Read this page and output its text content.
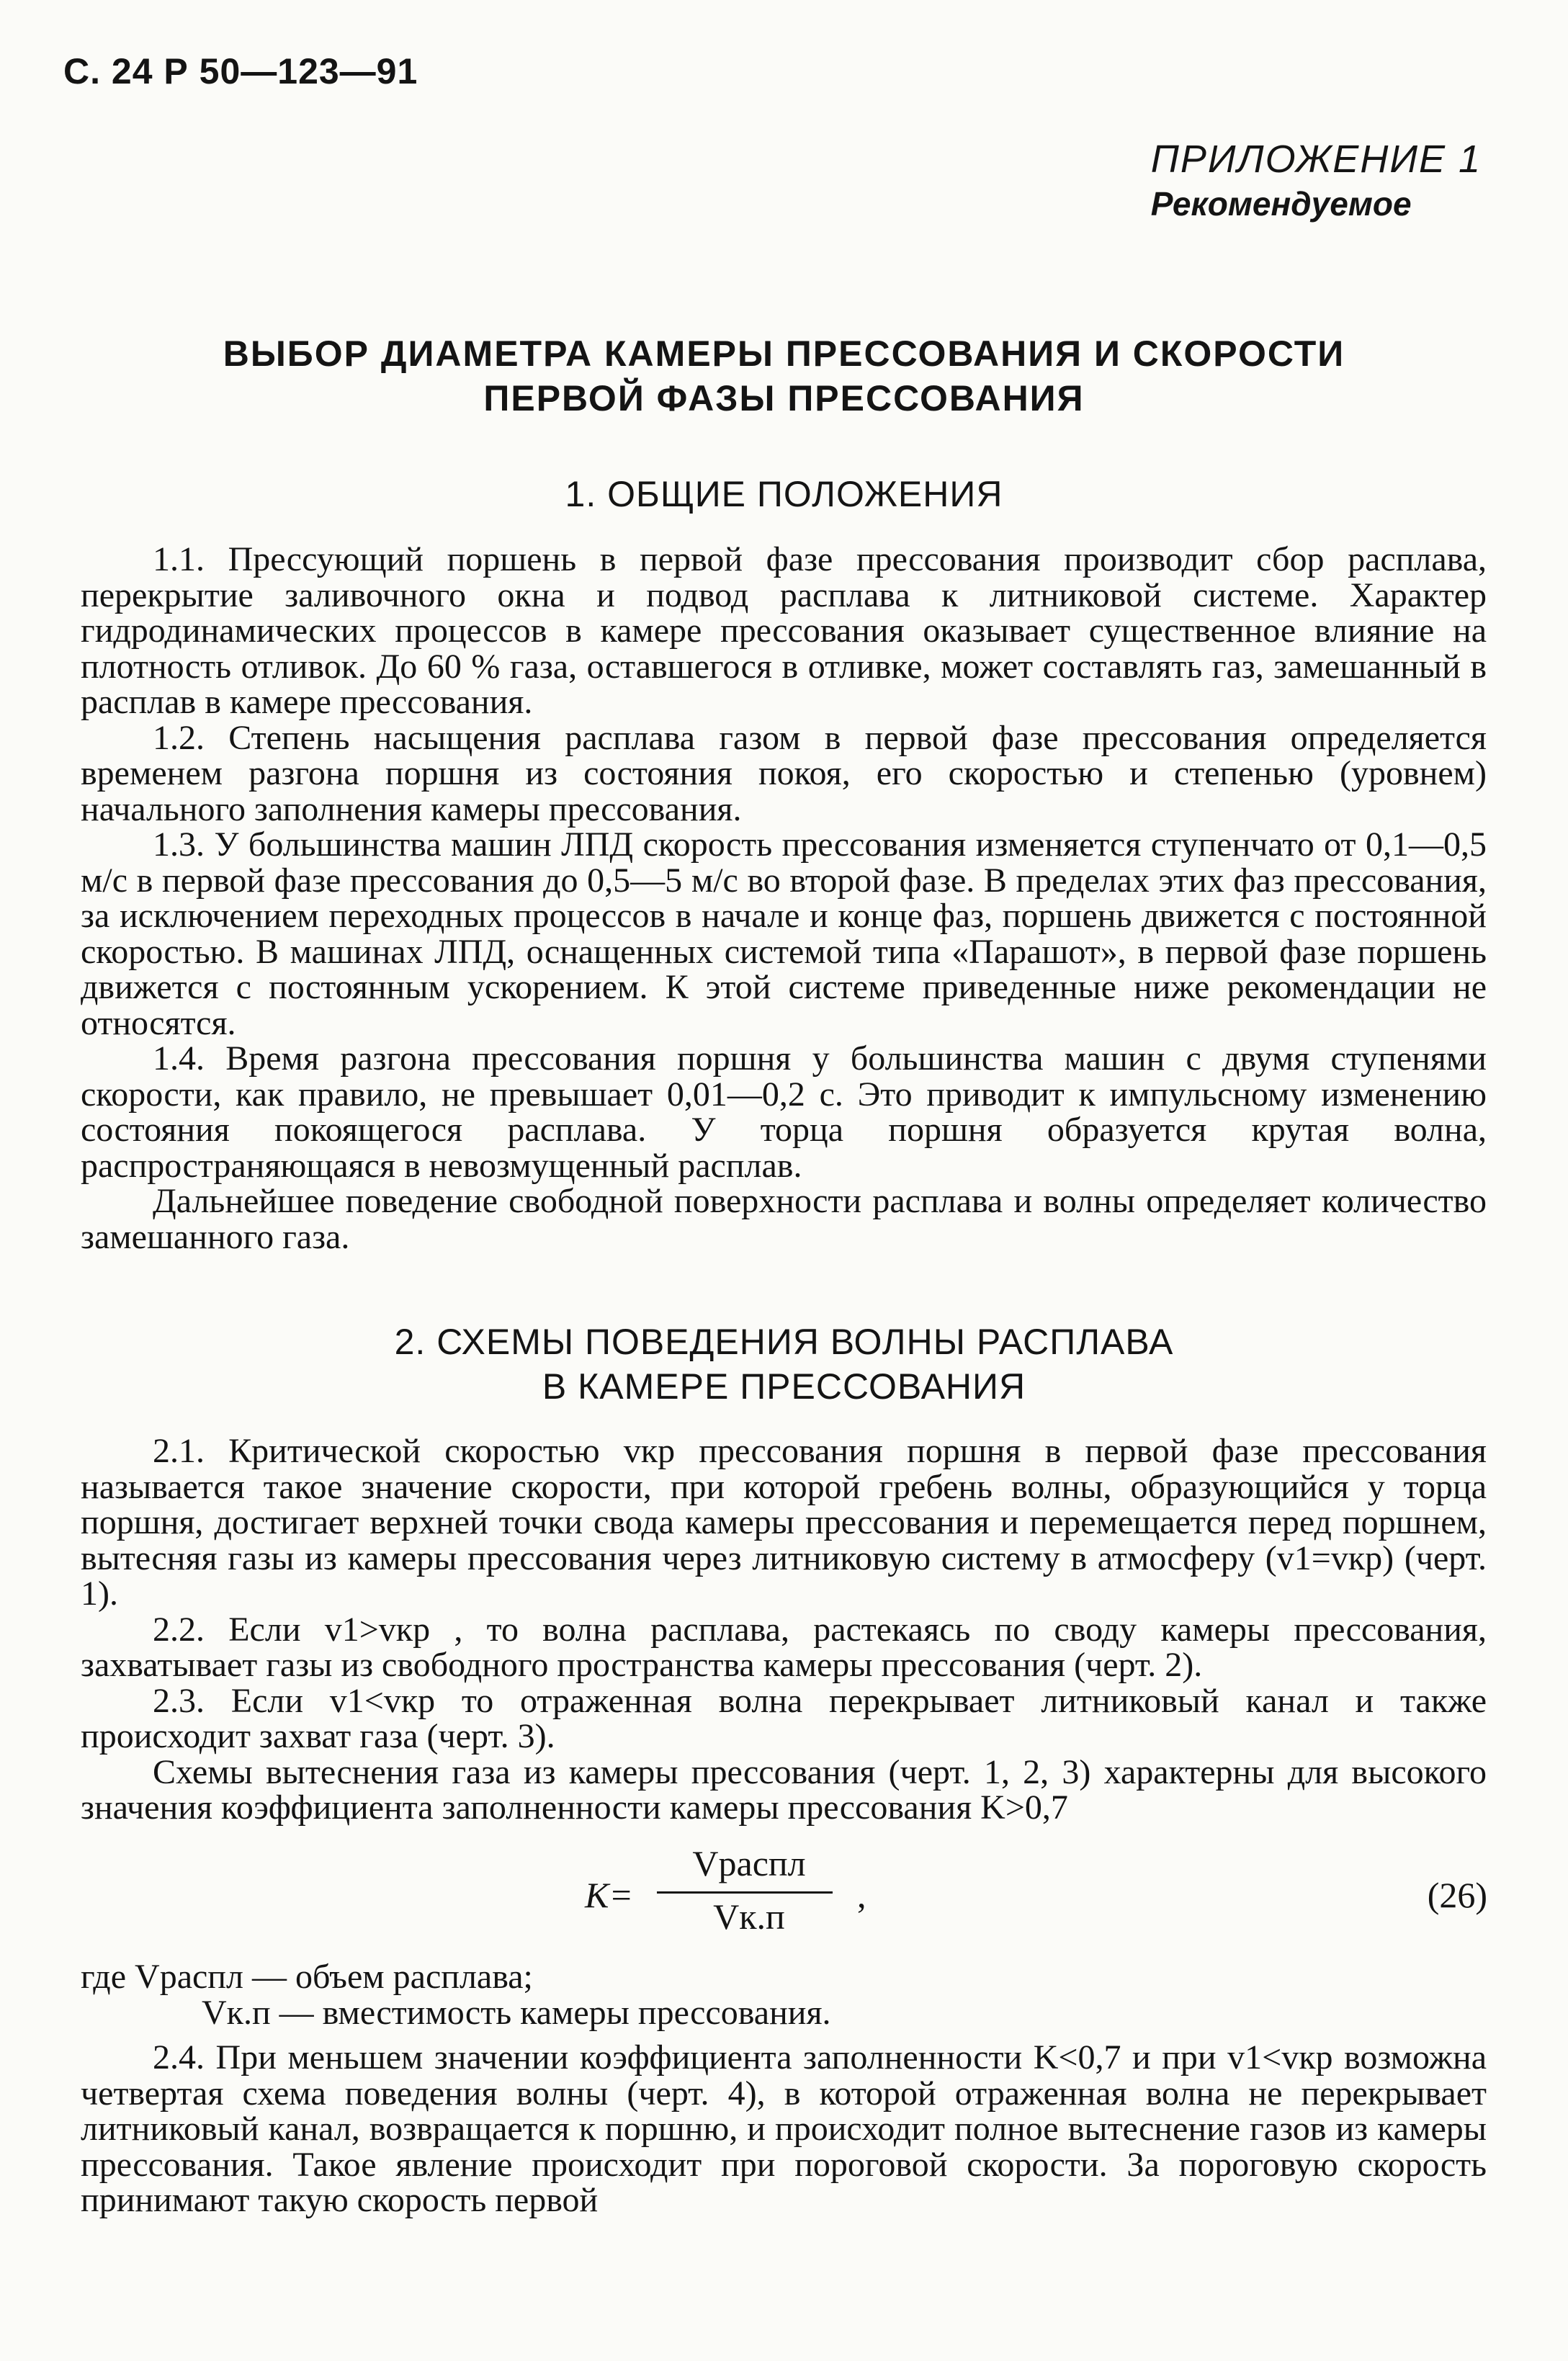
С. 24 Р 50—123—91
ПРИЛОЖЕНИЕ 1
Рекомендуемое
ВЫБОР ДИАМЕТРА КАМЕРЫ ПРЕССОВАНИЯ И СКОРОСТИ
ПЕРВОЙ ФАЗЫ ПРЕССОВАНИЯ
1. ОБЩИЕ ПОЛОЖЕНИЯ

1.1. Прессующий поршень в первой фазе прессования производит сбор расплава, перекрытие заливочного окна и подвод расплава к литниковой системе. Характер гидродинамических процессов в камере прессования оказывает существенное влияние на плотность отливок. До 60 % газа, оставшегося в отливке, может составлять газ, замешанный в расплав в камере прессования.

1.2. Степень насыщения расплава газом в первой фазе прессования определяется временем разгона поршня из состояния покоя, его скоростью и степенью (уровнем) начального заполнения камеры прессования.

1.3. У большинства машин ЛПД скорость прессования изменяется ступенчато от 0,1—0,5 м/с в первой фазе прессования до 0,5—5 м/с во второй фазе. В пределах этих фаз прессования, за исключением переходных процессов в начале и конце фаз, поршень движется с постоянной скоростью. В машинах ЛПД, оснащенных системой типа «Парашот», в первой фазе поршень движется с постоянным ускорением. К этой системе приведенные ниже рекомендации не относятся.

1.4. Время разгона прессования поршня у большинства машин с двумя ступенями скорости, как правило, не превышает 0,01—0,2 с. Это приводит к импульсному изменению состояния покоящегося расплава. У торца поршня образуется крутая волна, распространяющаяся в невозмущенный расплав.

Дальнейшее поведение свободной поверхности расплава и волны определяет количество замешанного газа.

2. СХЕМЫ ПОВЕДЕНИЯ ВОЛНЫ РАСПЛАВА
В КАМЕРЕ ПРЕССОВАНИЯ

2.1. Критической скоростью vкр прессования поршня в первой фазе прессования называется такое значение скорости, при которой гребень волны, образующийся у торца поршня, достигает верхней точки свода камеры прессования и перемещается перед поршнем, вытесняя газы из камеры прессования через литниковую систему в атмосферу (v1=vкр) (черт. 1).

2.2. Если v1>vкр , то волна расплава, растекаясь по своду камеры прессования, захватывает газы из свободного пространства камеры прессования (черт. 2).

2.3. Если v1<vкр то отраженная волна перекрывает литниковый канал и также происходит захват газа (черт. 3).

Схемы вытеснения газа из камеры прессования (черт. 1, 2, 3) характерны для высокого значения коэффициента заполненности камеры прессования K>0,7

K=
Vраспл
Vк.п
,	(26)
где Vраспл — объем расплава;
Vк.п — вместимость камеры прессования.

2.4. При меньшем значении коэффициента заполненности K<0,7 и при v1<vкр возможна четвертая схема поведения волны (черт. 4), в которой отраженная волна не перекрывает литниковый канал, возвращается к поршню, и происходит полное вытеснение газов из камеры прессования. Такое явление происходит при пороговой скорости. За пороговую скорость принимают такую скорость первой
